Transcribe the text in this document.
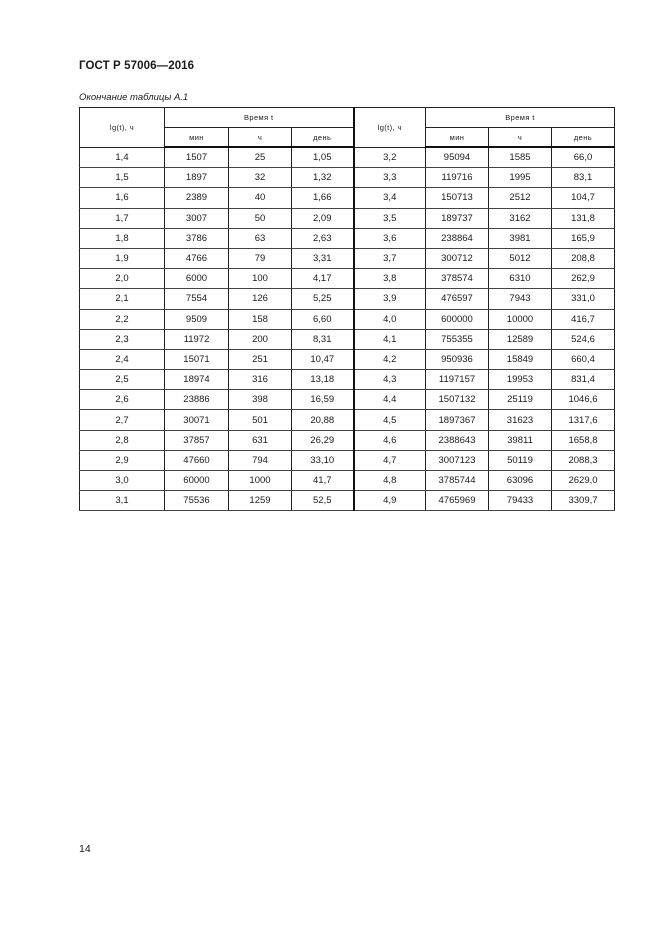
ГОСТ Р 57006—2016
Окончание таблицы А.1
lg(t), ч	Время t			lg(t), ч	Время t		
	мин	ч	день		мин	ч	день
1,4	1507	25	1,05	3,2	95094	1585	66,0
1,5	1897	32	1,32	3,3	119716	1995	83,1
1,6	2389	40	1,66	3,4	150713	2512	104,7
1,7	3007	50	2,09	3,5	189737	3162	131,8
1,8	3786	63	2,63	3,6	238864	3981	165,9
1,9	4766	79	3,31	3,7	300712	5012	208,8
2,0	6000	100	4,17	3,8	378574	6310	262,9
2,1	7554	126	5,25	3,9	476597	7943	331,0
2,2	9509	158	6,60	4,0	600000	10000	416,7
2,3	11972	200	8,31	4,1	755355	12589	524,6
2,4	15071	251	10,47	4,2	950936	15849	660,4
2,5	18974	316	13,18	4,3	1197157	19953	831,4
2,6	23886	398	16,59	4,4	1507132	25119	1046,6
2,7	30071	501	20,88	4,5	1897367	31623	1317,6
2,8	37857	631	26,29	4,6	2388643	39811	1658,8
2,9	47660	794	33,10	4,7	3007123	50119	2088,3
3,0	60000	1000	41,7	4,8	3785744	63096	2629,0
3,1	75536	1259	52,5	4,9	4765969	79433	3309,7
14
